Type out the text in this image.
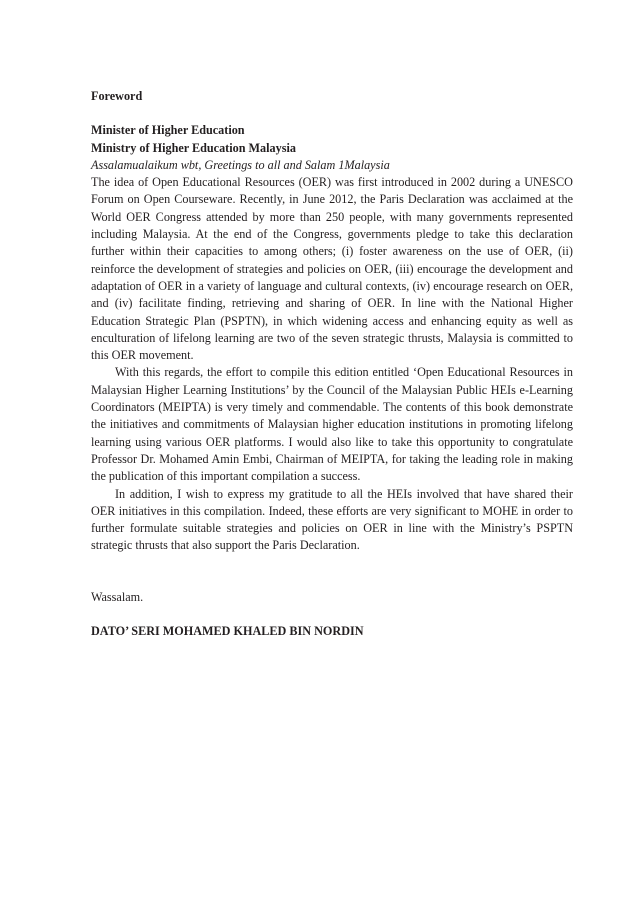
Foreword

Minister of Higher Education

Ministry of Higher Education Malaysia

Assalamualaikum wbt, Greetings to all and Salam 1Malaysia

The idea of Open Educational Resources (OER) was first introduced in 2002 during a UNESCO Forum on Open Courseware. Recently, in June 2012, the Paris Declaration was acclaimed at the World OER Congress attended by more than 250 people, with many governments represented including Malaysia. At the end of the Congress, governments pledge to take this declaration further within their capacities to among others; (i) foster awareness on the use of OER, (ii) reinforce the development of strategies and policies on OER, (iii) encourage the development and adaptation of OER in a variety of language and cultural contexts, (iv) encourage research on OER, and (iv) facilitate finding, retrieving and sharing of OER. In line with the National Higher Education Strategic Plan (PSPTN), in which widening access and enhancing equity as well as enculturation of lifelong learning are two of the seven strategic thrusts, Malaysia is committed to this OER movement.

With this regards, the effort to compile this edition entitled ‘Open Educational Resources in Malaysian Higher Learning Institutions’ by the Council of the Malaysian Public HEIs e-Learning Coordinators (MEIPTA) is very timely and commendable. The contents of this book demonstrate the initiatives and commitments of Malaysian higher education institutions in promoting lifelong learning using various OER platforms. I would also like to take this opportunity to congratulate Professor Dr. Mohamed Amin Embi, Chairman of MEIPTA, for taking the leading role in making the publication of this important compilation a success.

In addition, I wish to express my gratitude to all the HEIs involved that have shared their OER initiatives in this compilation. Indeed, these efforts are very significant to MOHE in order to further formulate suitable strategies and policies on OER in line with the Ministry’s PSPTN strategic thrusts that also support the Paris Declaration.

Wassalam.

DATO’ SERI MOHAMED KHALED BIN NORDIN
